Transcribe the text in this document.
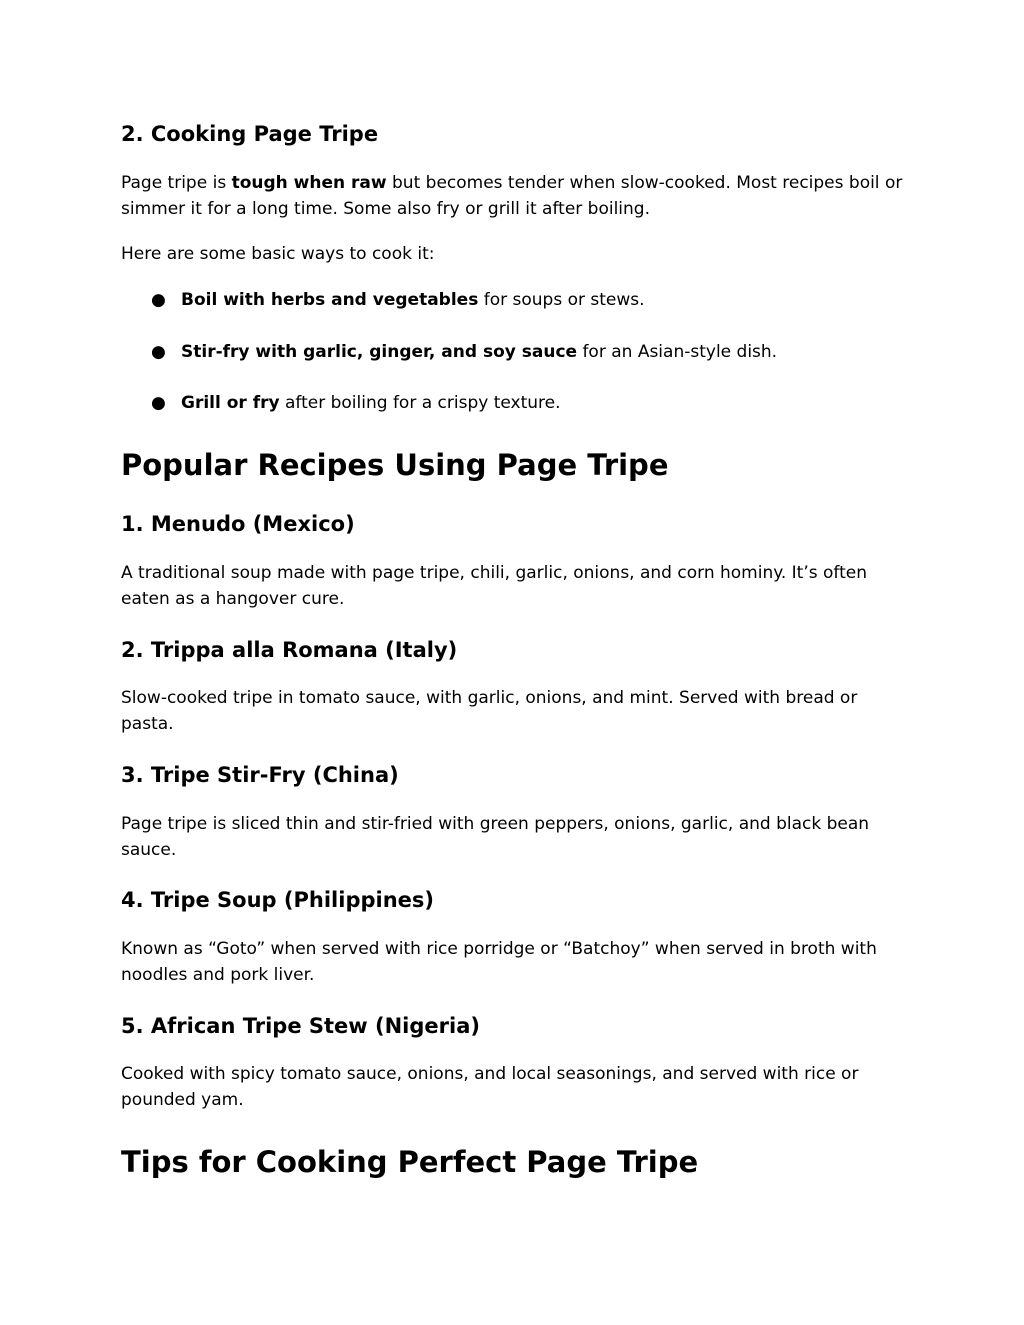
2. Cooking Page Tripe

Page tripe is tough when raw but becomes tender when slow-cooked. Most recipes boil or simmer it for a long time. Some also fry or grill it after boiling.

Here are some basic ways to cook it:

● Boil with herbs and vegetables for soups or stews.
● Stir-fry with garlic, ginger, and soy sauce for an Asian-style dish.
● Grill or fry after boiling for a crispy texture.
Popular Recipes Using Page Tripe
1. Menudo (Mexico)

A traditional soup made with page tripe, chili, garlic, onions, and corn hominy. It’s often eaten as a hangover cure.

2. Trippa alla Romana (Italy)

Slow-cooked tripe in tomato sauce, with garlic, onions, and mint. Served with bread or pasta.

3. Tripe Stir-Fry (China)

Page tripe is sliced thin and stir-fried with green peppers, onions, garlic, and black bean sauce.

4. Tripe Soup (Philippines)

Known as “Goto” when served with rice porridge or “Batchoy” when served in broth with noodles and pork liver.

5. African Tripe Stew (Nigeria)

Cooked with spicy tomato sauce, onions, and local seasonings, and served with rice or pounded yam.

Tips for Cooking Perfect Page Tripe
